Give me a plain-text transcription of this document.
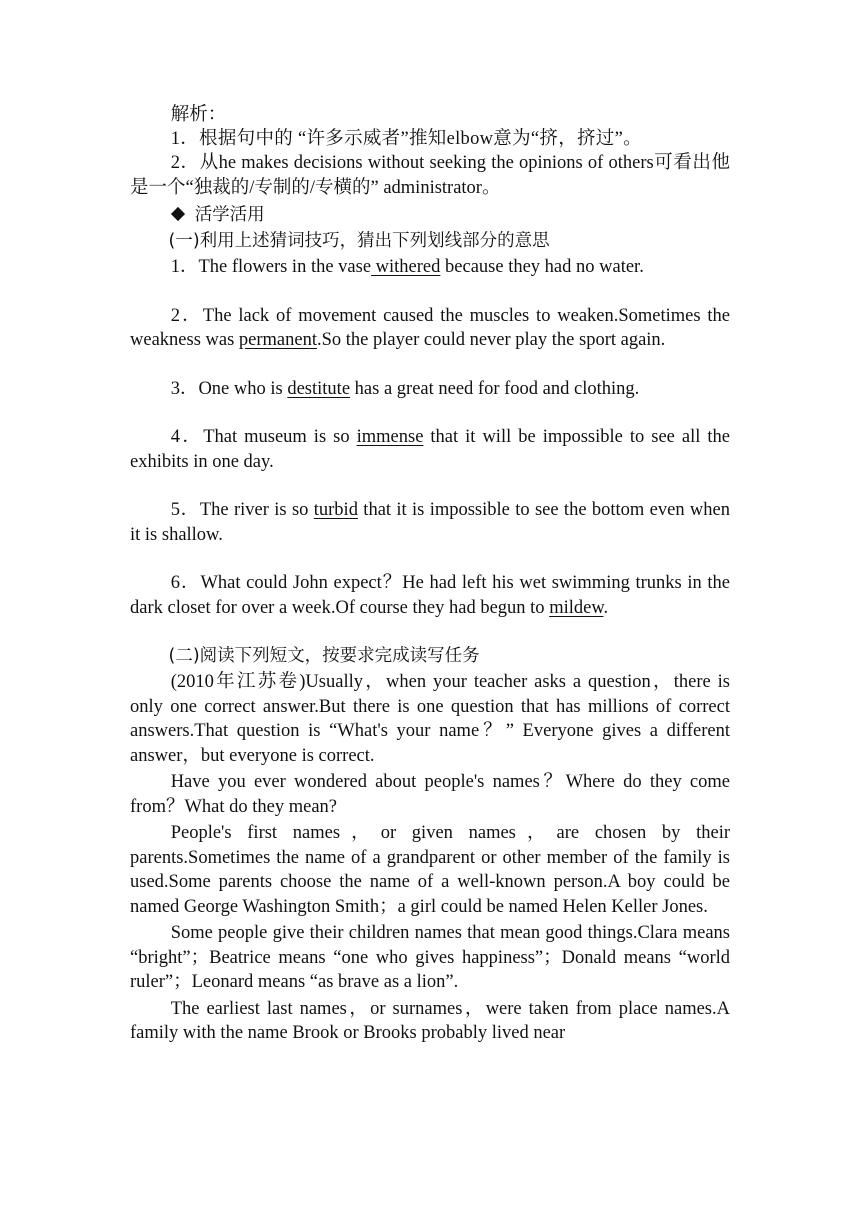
解析：

1．根据句中的 “许多示威者”推知elbow意为“挤，挤过”。

2．从he makes decisions without seeking the opinions of others可看出他是一个“独裁的/专制的/专横的” administrator。

活学活用

(一)利用上述猜词技巧，猜出下列划线部分的意思

1．The flowers in the vase withered because they had no water.

2．The lack of movement caused the muscles to weaken.Sometimes the weakness was permanent.So the player could never play the sport again.

3．One who is destitute has a great need for food and clothing.

4．That museum is so immense that it will be impossible to see all the exhibits in one day.

5．The river is so turbid that it is impossible to see the bottom even when it is shallow.

6．What could John expect？He had left his wet swimming trunks in the dark closet for over a week.Of course they had begun to mildew.

(二)阅读下列短文，按要求完成读写任务

(2010年江苏卷)Usually，when your teacher asks a question，there is only one correct answer.But there is one question that has millions of correct answers.That question is “What's your name？” Everyone gives a different answer，but everyone is correct.

Have you ever wondered about people's names？Where do they come from？What do they mean?

People's first names，or given names，are chosen by their parents.Sometimes the name of a grandparent or other member of the family is used.Some parents choose the name of a well-known person.A boy could be named George Washington Smith；a girl could be named Helen Keller Jones.

Some people give their children names that mean good things.Clara means “bright”；Beatrice means “one who gives happiness”；Donald means “world ruler”；Leonard means “as brave as a lion”.

The earliest last names，or surnames，were taken from place names.A family with the name Brook or Brooks probably lived near
